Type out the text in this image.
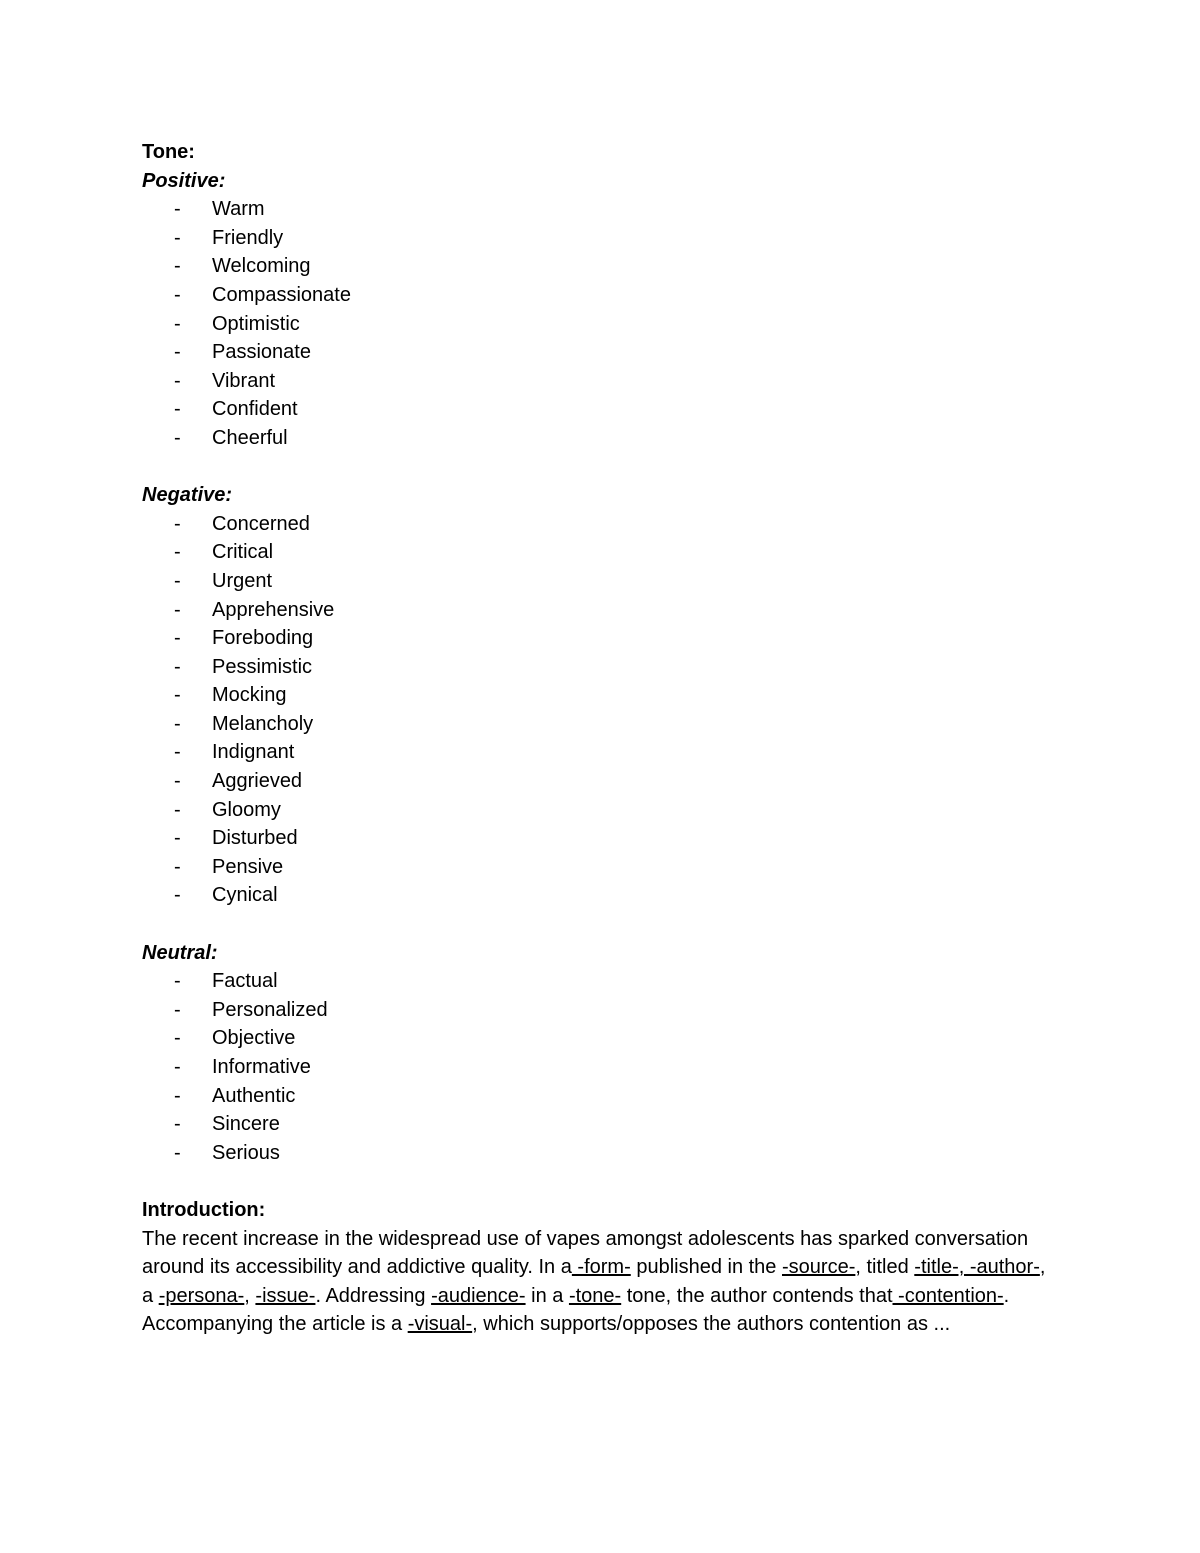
Tone:

Positive:

- Warm
- Friendly
- Welcoming
- Compassionate
- Optimistic
- Passionate
- Vibrant
- Confident
- Cheerful

Negative:

- Concerned
- Critical
- Urgent
- Apprehensive
- Foreboding
- Pessimistic
- Mocking
- Melancholy
- Indignant
- Aggrieved
- Gloomy
- Disturbed
- Pensive
- Cynical

Neutral:

- Factual
- Personalized
- Objective
- Informative
- Authentic
- Sincere
- Serious

Introduction:

The recent increase in the widespread use of vapes amongst adolescents has sparked conversation around its accessibility and addictive quality. In a -form- published in the -source-, titled -title-, -author-, a -persona-, -issue-. Addressing -audience- in a -tone- tone, the author contends that -contention-. Accompanying the article is a -visual-, which supports/opposes the authors contention as ...
